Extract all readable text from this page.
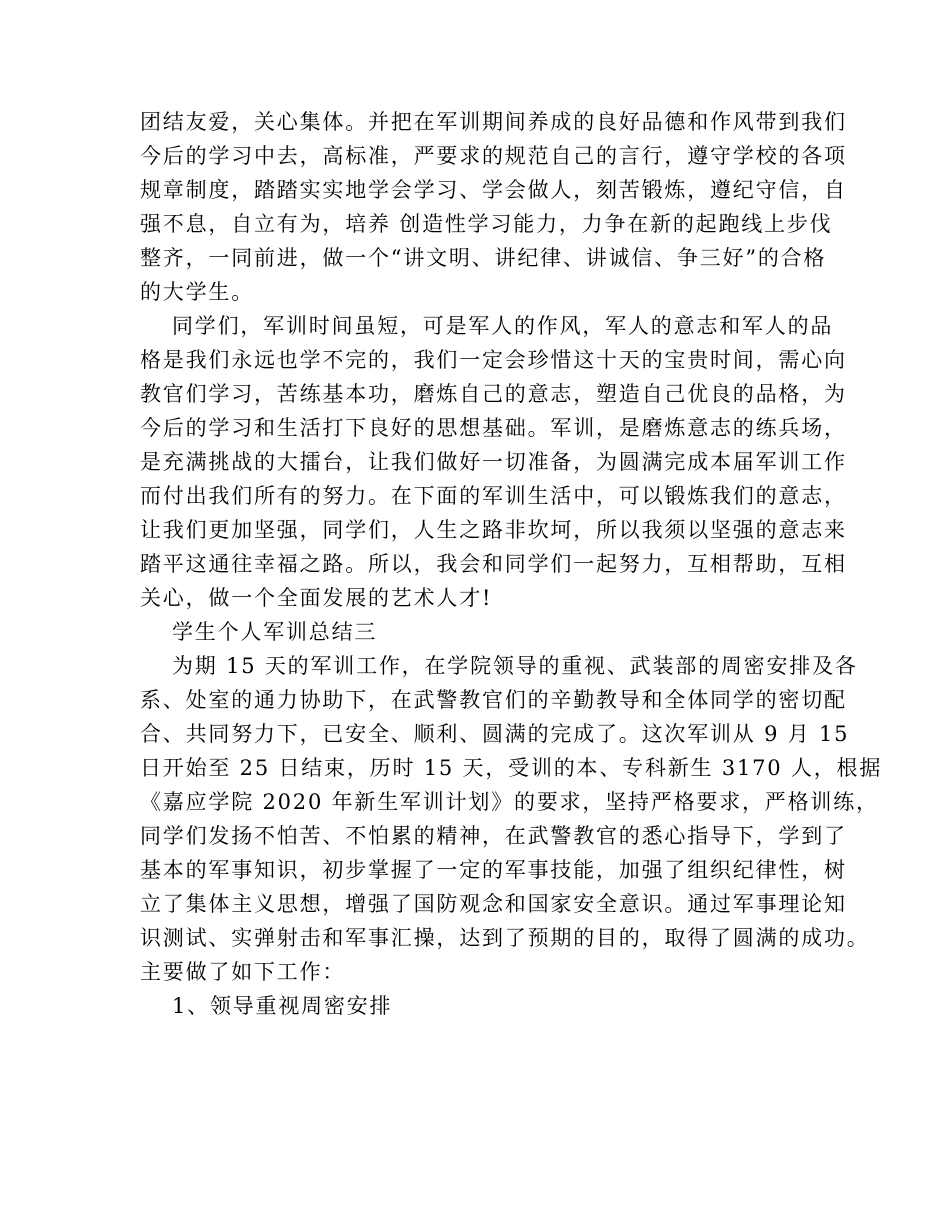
团结友爱，关心集体。并把在军训期间养成的良好品德和作风带到我们
今后的学习中去，高标准，严要求的规范自己的言行，遵守学校的各项
规章制度，踏踏实实地学会学习、学会做人，刻苦锻炼，遵纪守信，自
强不息，自立有为，培养 创造性学习能力，力争在新的起跑线上步伐
整齐，一同前进，做一个“讲文明、讲纪律、讲诚信、争三好”的合格
的大学生。
同学们，军训时间虽短，可是军人的作风，军人的意志和军人的品
格是我们永远也学不完的，我们一定会珍惜这十天的宝贵时间，需心向
教官们学习，苦练基本功，磨炼自己的意志，塑造自己优良的品格，为
今后的学习和生活打下良好的思想基础。军训，是磨炼意志的练兵场，
是充满挑战的大擂台，让我们做好一切准备，为圆满完成本届军训工作
而付出我们所有的努力。在下面的军训生活中，可以锻炼我们的意志，
让我们更加坚强，同学们，人生之路非坎坷，所以我须以坚强的意志来
踏平这通往幸福之路。所以，我会和同学们一起努力，互相帮助，互相
关心，做一个全面发展的艺术人才!
学生个人军训总结三
为期 15 天的军训工作，在学院领导的重视、武装部的周密安排及各
系、处室的通力协助下，在武警教官们的辛勤教导和全体同学的密切配
合、共同努力下，已安全、顺利、圆满的完成了。这次军训从 9 月 15
日开始至 25 日结束，历时 15 天，受训的本、专科新生 3170 人，根据
《嘉应学院 2020 年新生军训计划》的要求，坚持严格要求，严格训练，
同学们发扬不怕苦、不怕累的精神，在武警教官的悉心指导下，学到了
基本的军事知识，初步掌握了一定的军事技能，加强了组织纪律性，树
立了集体主义思想，增强了国防观念和国家安全意识。通过军事理论知
识测试、实弹射击和军事汇操，达到了预期的目的，取得了圆满的成功。
主要做了如下工作：
1、领导重视周密安排
